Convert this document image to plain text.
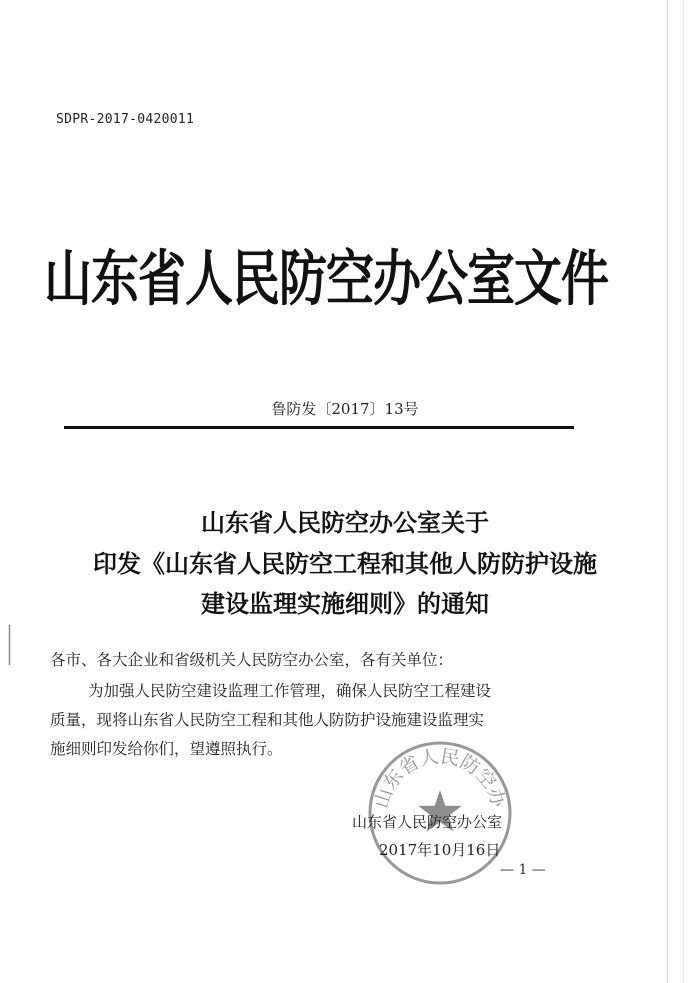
SDPR-2017-0420011
山东省人民防空办公室文件
鲁防发〔2017〕13号
山东省人民防空办公室关于
印发《山东省人民防空工程和其他人防防护设施
建设监理实施细则》的通知
各市、各大企业和省级机关人民防空办公室，各有关单位：
为加强人民防空建设监理工作管理，确保人民防空工程建设
质量，现将山东省人民防空工程和其他人防防护设施建设监理实
施细则印发给你们，望遵照执行。
山东省人民防空办
山东省人民防空办公室
2017年10月16日
— 1 —
